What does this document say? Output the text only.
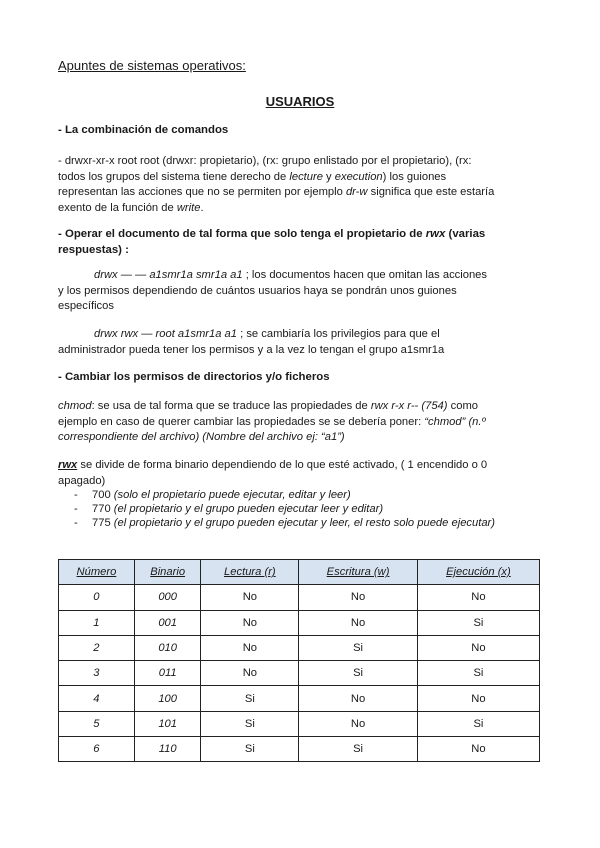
Apuntes de sistemas operativos:
USUARIOS
- La combinación de comandos
- drwxr-xr-x root root (drwxr: propietario), (rx: grupo enlistado por el propietario), (rx:
todos los grupos del sistema tiene derecho de lecture y execution) los guiones
representan las acciones que no se permiten por ejemplo dr-w significa que este estaría
exento de la función de write.
- Operar el documento de tal forma que solo tenga el propietario de rwx (varias
respuestas) :
drwx — — a1smr1a smr1a a1 ; los documentos hacen que omitan las acciones
y los permisos dependiendo de cuántos usuarios haya se pondrán unos guiones
específicos
drwx rwx — root a1smr1a a1 ; se cambiaría los privilegios para que el
administrador pueda tener los permisos y a la vez lo tengan el grupo a1smr1a
- Cambiar los permisos de directorios y/o ficheros
chmod: se usa de tal forma que se traduce las propiedades de rwx r-x r-- (754) como
ejemplo en caso de querer cambiar las propiedades se se debería poner: “chmod” (n.º
correspondiente del archivo) (Nombre del archivo ej: “a1”)
rwx se divide de forma binario dependiendo de lo que esté activado, ( 1 encendido o 0
apagado)
- 700 (solo el propietario puede ejecutar, editar y leer)
- 770 (el propietario y el grupo pueden ejecutar leer y editar)
- 775 (el propietario y el grupo pueden ejecutar y leer, el resto solo puede ejecutar)
Número	Binario	Lectura (r)	Escritura (w)	Ejecución (x)
0	000	No	No	No
1	001	No	No	Si
2	010	No	Si	No
3	011	No	Si	Si
4	100	Si	No	No
5	101	Si	No	Si
6	110	Si	Si	No
